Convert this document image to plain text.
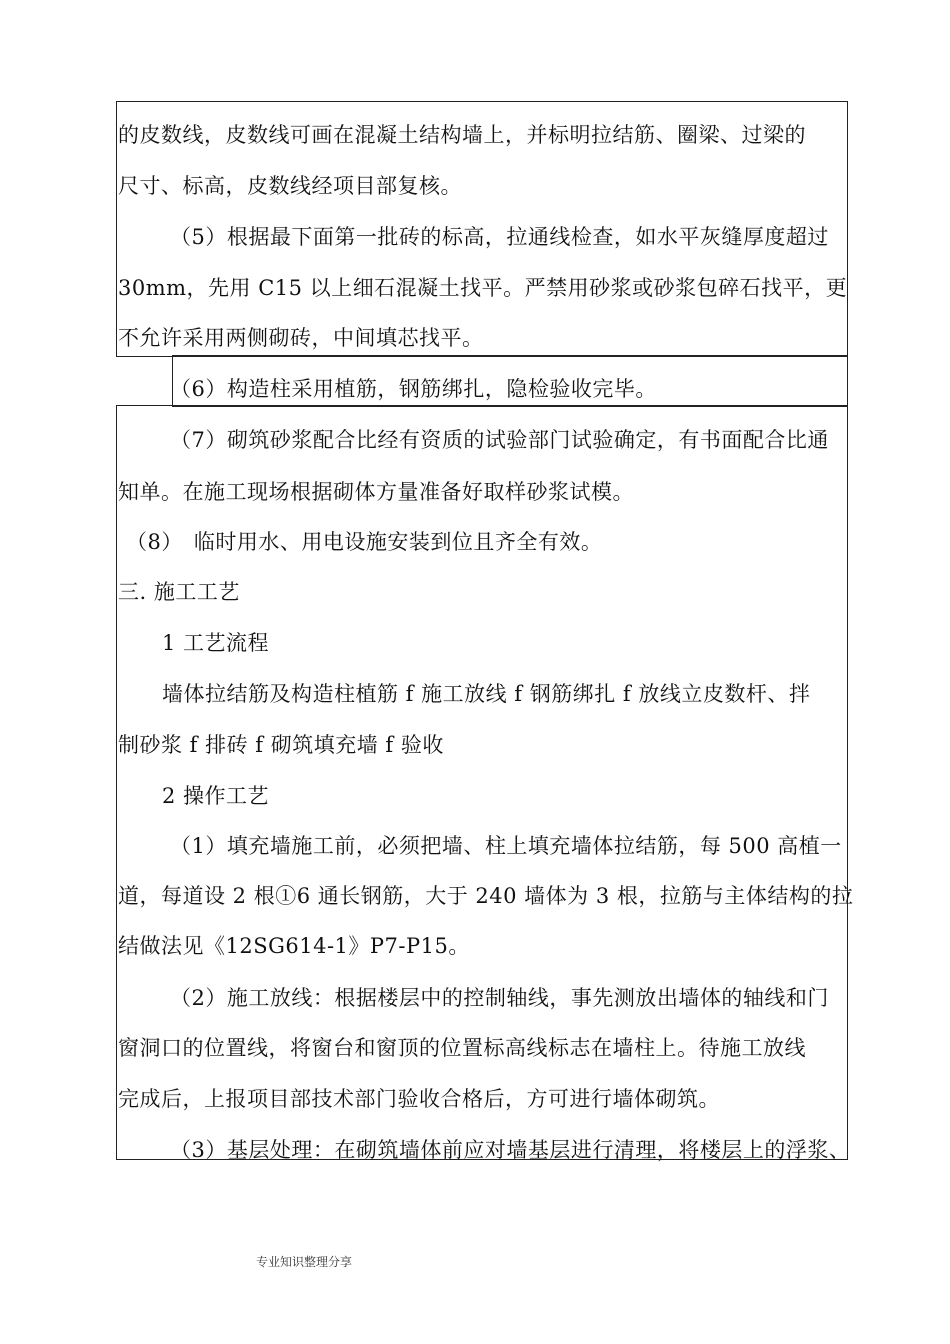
的皮数线，皮数线可画在混凝土结构墙上，并标明拉结筋、圈梁、过梁的
尺寸、标高，皮数线经项目部复核。
（5）根据最下面第一批砖的标高，拉通线检查，如水平灰缝厚度超过
30mm，先用 C15 以上细石混凝土找平。严禁用砂浆或砂浆包碎石找平，更
不允许采用两侧砌砖，中间填芯找平。
（6）构造柱采用植筋，钢筋绑扎，隐检验收完毕。
（7）砌筑砂浆配合比经有资质的试验部门试验确定，有书面配合比通
知单。在施工现场根据砌体方量准备好取样砂浆试模。
（8）　临时用水、用电设施安装到位且齐全有效。
三. 施工工艺
1 工艺流程
墙体拉结筋及构造柱植筋 f 施工放线 f 钢筋绑扎 f 放线立皮数杆、拌
制砂浆 f 排砖 f 砌筑填充墙 f 验收
2 操作工艺
（1）填充墙施工前，必须把墙、柱上填充墙体拉结筋，每 500 高植一
道，每道设 2 根①6 通长钢筋，大于 240 墙体为 3 根，拉筋与主体结构的拉
结做法见《12SG614-1》P7-P15。
（2）施工放线：根据楼层中的控制轴线，事先测放出墙体的轴线和门
窗洞口的位置线，将窗台和窗顶的位置标高线标志在墙柱上。待施工放线
完成后，上报项目部技术部门验收合格后，方可进行墙体砌筑。
（3）基层处理：在砌筑墙体前应对墙基层进行清理，将楼层上的浮浆、
专业知识整理分享
